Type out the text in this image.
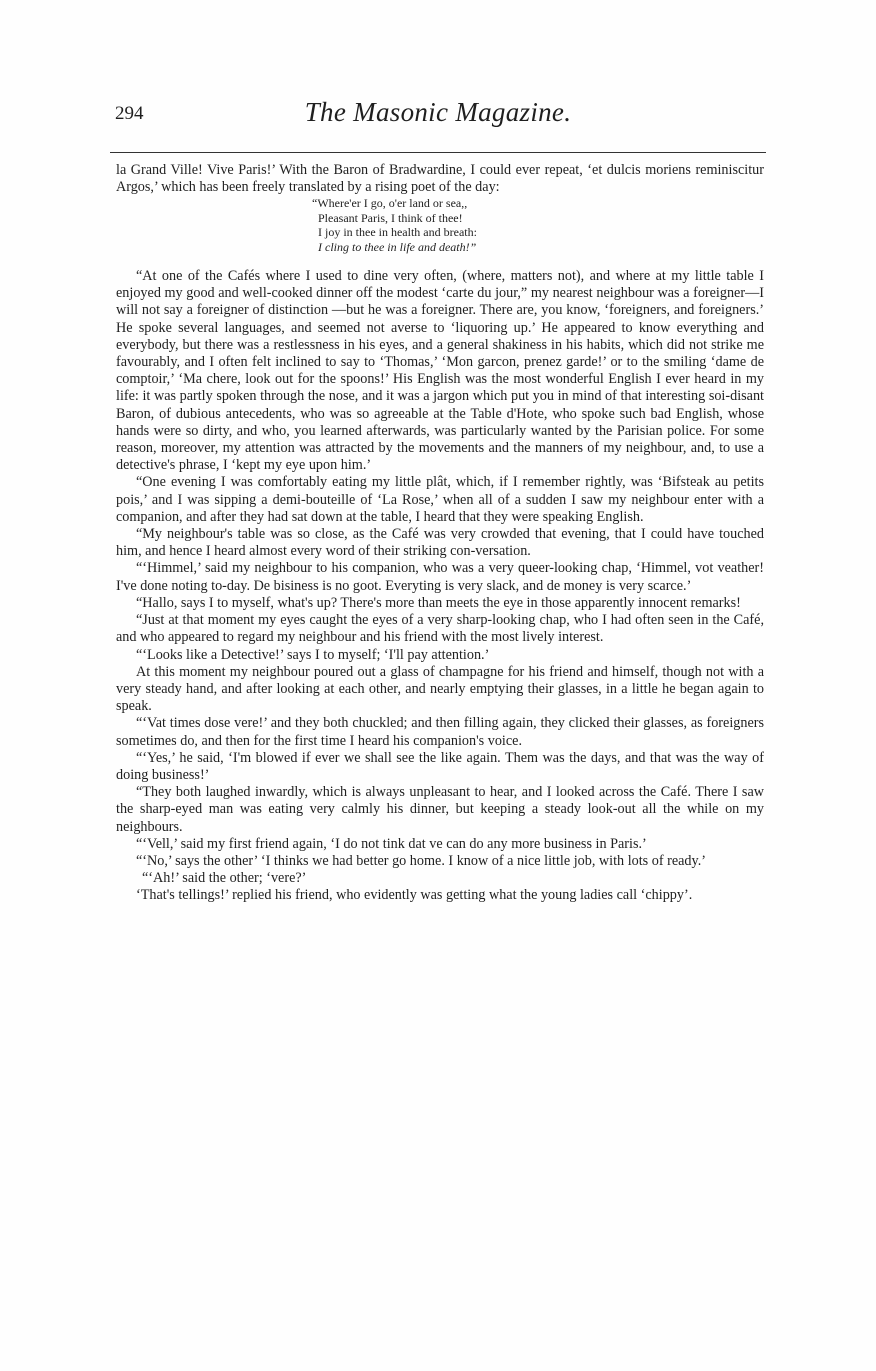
294	The Masonic Magazine.

la Grand Ville! Vive Paris!’ With the Baron of Bradwardine, I could ever repeat, ‘et dulcis moriens reminiscitur Argos,’ which has been freely translated by a rising poet of the day:

“Where'er I go, o'er land or sea,,
Pleasant Paris, I think of thee!
I joy in thee in health and breath:
I cling to thee in life and death!”

“At one of the Cafés where I used to dine very often, (where, matters not), and where at my little table I enjoyed my good and well-cooked dinner off the modest ‘carte du jour,” my nearest neighbour was a foreigner—I will not say a foreigner of distinction —but he was a foreigner. There are, you know, ‘foreigners, and foreigners.’ He spoke several languages, and seemed not averse to ‘liquoring up.’ He appeared to know everything and everybody, but there was a restlessness in his eyes, and a general shakiness in his habits, which did not strike me favourably, and I often felt inclined to say to ‘Thomas,’ ‘Mon garcon, prenez garde!’ or to the smiling ‘dame de comptoir,’ ‘Ma chere, look out for the spoons!’ His English was the most wonderful English I ever heard in my life: it was partly spoken through the nose, and it was a jargon which put you in mind of that interesting soi-disant Baron, of dubious antecedents, who was so agreeable at the Table d'Hote, who spoke such bad English, whose hands were so dirty, and who, you learned afterwards, was particularly wanted by the Parisian police. For some reason, moreover, my attention was attracted by the movements and the manners of my neighbour, and, to use a detective's phrase, I ‘kept my eye upon him.’

“One evening I was comfortably eating my little plât, which, if I remember rightly, was ‘Bifsteak au petits pois,’ and I was sipping a demi-bouteille of ‘La Rose,’ when all of a sudden I saw my neighbour enter with a companion, and after they had sat down at the table, I heard that they were speaking English.

“My neighbour's table was so close, as the Café was very crowded that evening, that I could have touched him, and hence I heard almost every word of their striking con-versation.

“‘Himmel,’ said my neighbour to his companion, who was a very queer-looking chap, ‘Himmel, vot veather! I've done noting to-day. De bisiness is no goot. Everyting is very slack, and de money is very scarce.’

“Hallo, says I to myself, what's up? There's more than meets the eye in those apparently innocent remarks!

“Just at that moment my eyes caught the eyes of a very sharp-looking chap, who I had often seen in the Café, and who appeared to regard my neighbour and his friend with the most lively interest.

“‘Looks like a Detective!’ says I to myself; ‘I'll pay attention.’

At this moment my neighbour poured out a glass of champagne for his friend and himself, though not with a very steady hand, and after looking at each other, and nearly emptying their glasses, in a little he began again to speak.

“‘Vat times dose vere!’ and they both chuckled; and then filling again, they clicked their glasses, as foreigners sometimes do, and then for the first time I heard his companion's voice.

“‘Yes,’ he said, ‘I'm blowed if ever we shall see the like again. Them was the days, and that was the way of doing business!’

“They both laughed inwardly, which is always unpleasant to hear, and I looked across the Café. There I saw the sharp-eyed man was eating very calmly his dinner, but keeping a steady look-out all the while on my neighbours.

“‘Vell,’ said my first friend again, ‘I do not tink dat ve can do any more business in Paris.’

“‘No,’ says the other’ ‘I thinks we had better go home. I know of a nice little job, with lots of ready.’

“‘Ah!’ said the other; ‘vere?’

‘That's tellings!’ replied his friend, who evidently was getting what the young ladies call ‘chippy’.
